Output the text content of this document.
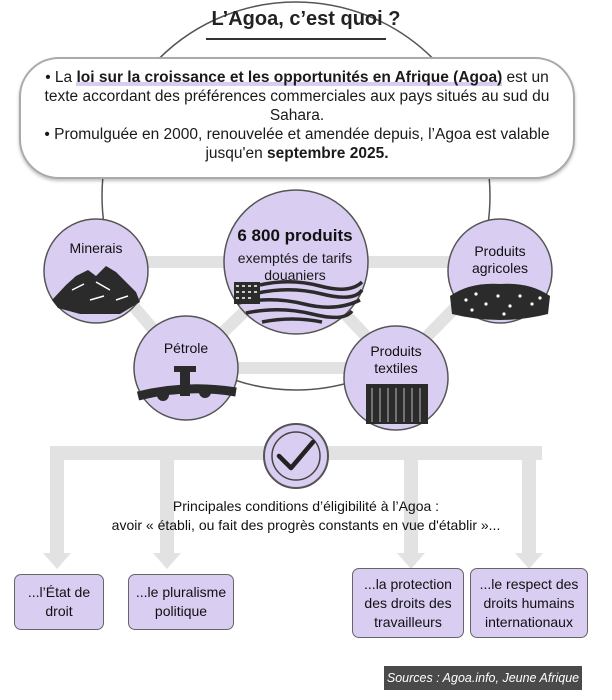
L’Agoa, c’est quoi ?

• La loi sur la croissance et les opportunités en Afrique (Agoa) est un texte accordant des préférences commerciales aux pays situés au sud du Sahara.

• Promulguée en 2000, renouvelée et amendée depuis, l’Agoa est valable jusqu'en septembre 2025.

6 800 produits
exemptés de tarifs douaniers
Minerais
Pétrole
Produits agricoles
Produits textiles
Principales conditions d’éligibilité à l’Agoa :
avoir « établi, ou fait des progrès constants en vue d'établir »...
...l’État de droit
...le pluralisme politique
...la protection des droits des travailleurs
...le respect des droits humains internationaux
Sources : Agoa.info, Jeune Afrique
